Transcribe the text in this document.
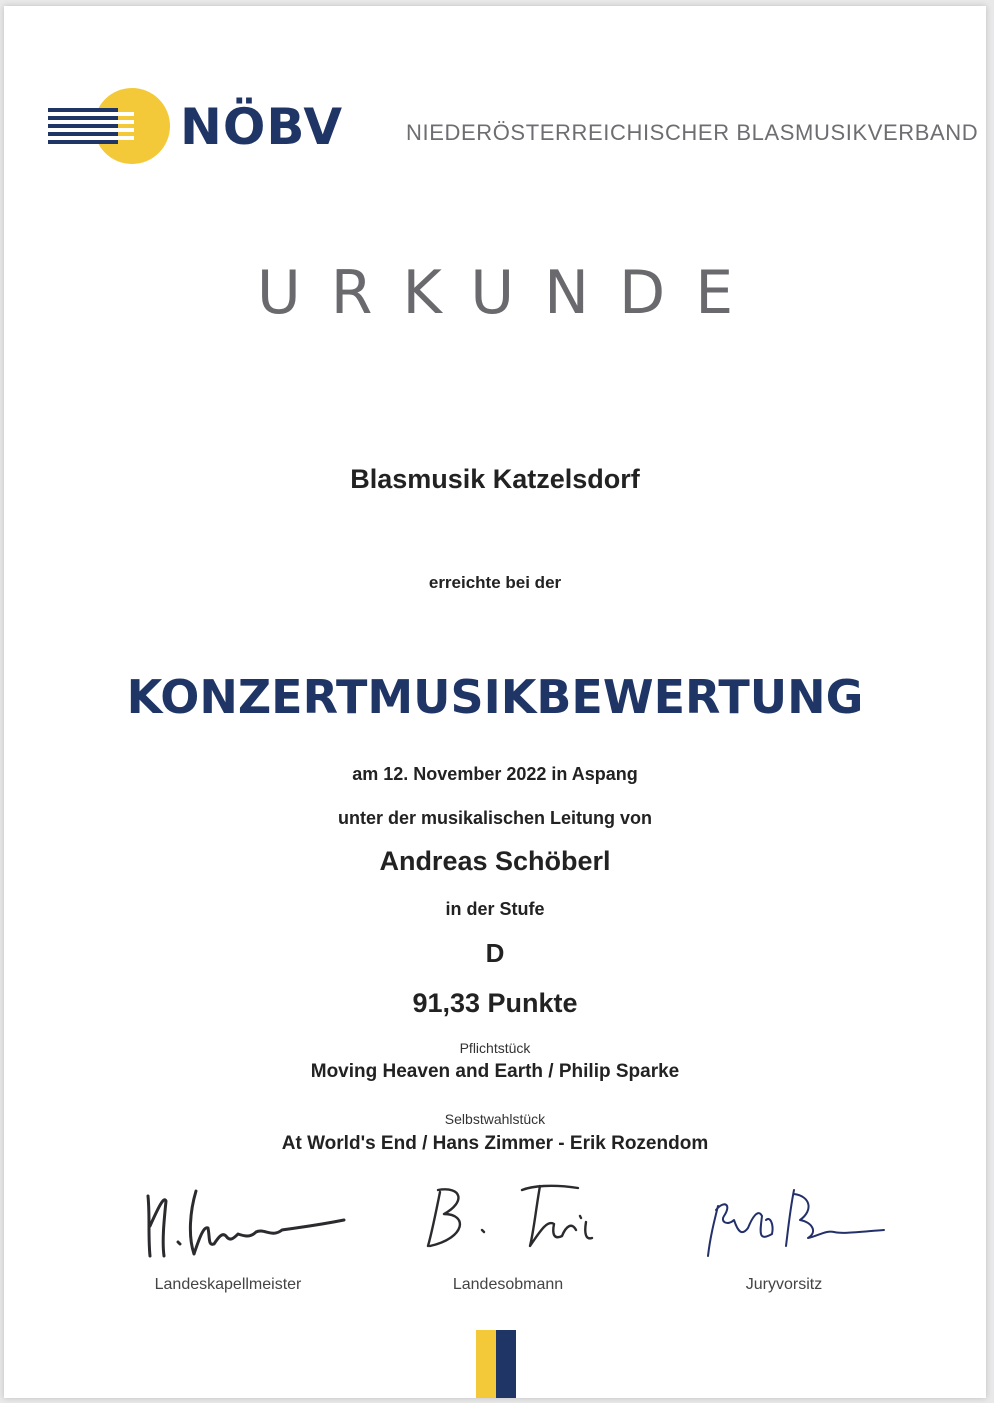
NÖBV	NIEDERÖSTERREICHISCHER BLASMUSIKVERBAND
URKUNDE
Blasmusik Katzelsdorf
erreichte bei der
KONZERTMUSIKBEWERTUNG
am 12. November 2022 in Aspang
unter der musikalischen Leitung von
Andreas Schöberl
in der Stufe
D
91,33 Punkte
Pflichtstück
Moving Heaven and Earth / Philip Sparke
Selbstwahlstück
At World's End / Hans Zimmer - Erik Rozendom
Landeskapellmeister	Landesobmann	Juryvorsitz
